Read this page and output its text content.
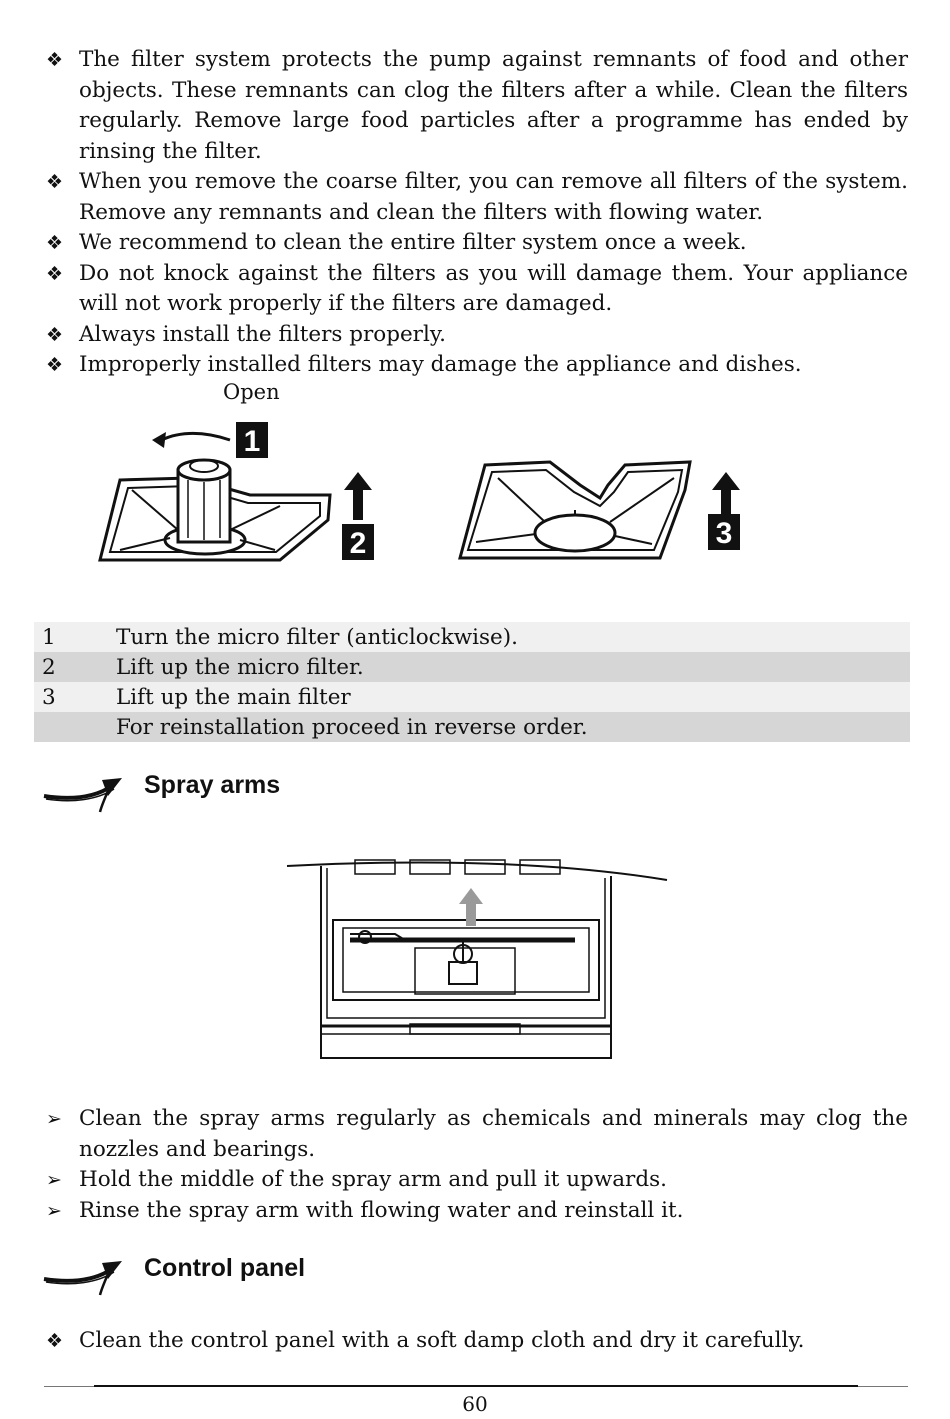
❖ The filter system protects the pump against remnants of food and other objects. These remnants can clog the filters after a while. Clean the filters regularly. Remove large food particles after a programme has ended by rinsing the filter.
❖ When you remove the coarse filter, you can remove all filters of the system. Remove any remnants and clean the filters with flowing water.
❖ We recommend to clean the entire filter system once a week.
❖ Do not knock against the filters as you will damage them. Your appliance will not work properly if the filters are damaged.
❖ Always install the filters properly.
❖ Improperly installed filters may damage the appliance and dishes.
Open
1
2	3
1	Turn the micro filter (anticlockwise).
2	Lift up the micro filter.
3	Lift up the main filter
	For reinstallation proceed in reverse order.
Spray arms
➢ Clean the spray arms regularly as chemicals and minerals may clog the nozzles and bearings.
➢ Hold the middle of the spray arm and pull it upwards.
➢ Rinse the spray arm with flowing water and reinstall it.
Control panel
❖ Clean the control panel with a soft damp cloth and dry it carefully.
60
